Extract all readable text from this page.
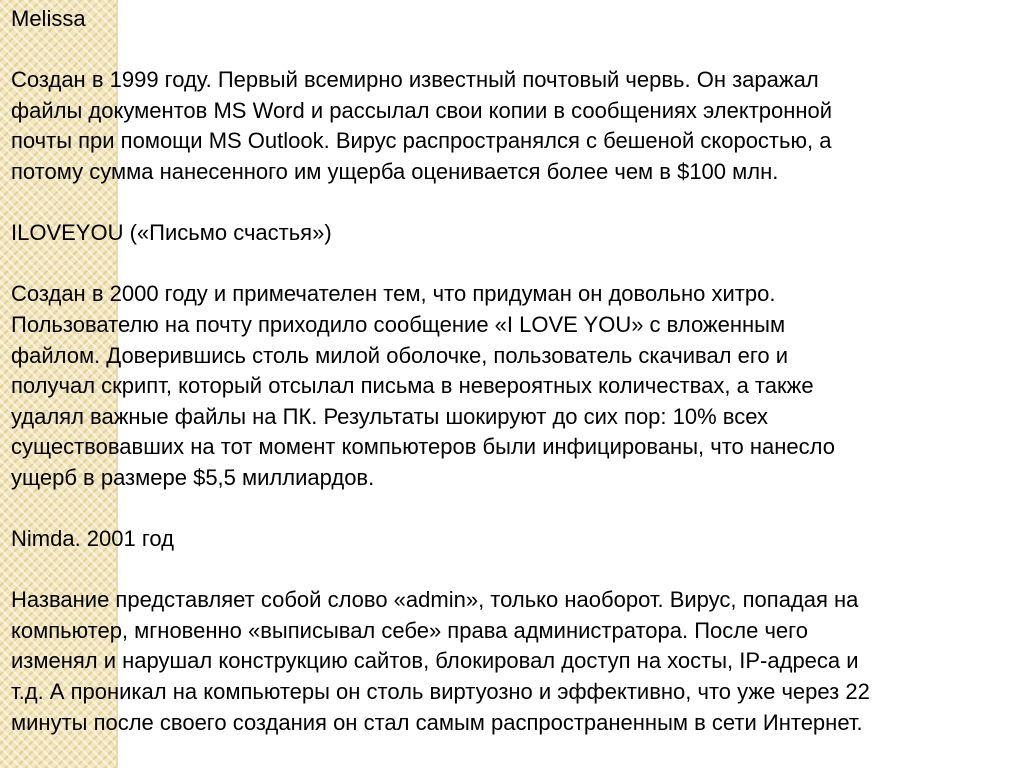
Melissa

Создан в 1999 году. Первый всемирно известный почтовый червь. Он заражал

файлы документов MS Word и рассылал свои копии в сообщениях электронной

почты при помощи MS Outlook. Вирус распространялся с бешеной скоростью, а

потому сумма нанесенного им ущерба оценивается более чем в $100 млн.

ILOVEYOU («Письмо счастья»)

Создан в 2000 году и примечателен тем, что придуман он довольно хитро.

Пользователю на почту приходило сообщение «I LOVE YOU» с вложенным

файлом. Доверившись столь милой оболочке, пользователь скачивал его и

получал скрипт, который отсылал письма в невероятных количествах, а также

удалял важные файлы на ПК. Результаты шокируют до сих пор: 10% всех

существовавших на тот момент компьютеров были инфицированы, что нанесло

ущерб в размере $5,5 миллиардов.

Nimda. 2001 год

Название представляет собой слово «admin», только наоборот. Вирус, попадая на

компьютер, мгновенно «выписывал себе» права администратора. После чего

изменял и нарушал конструкцию сайтов, блокировал доступ на хосты, IP-адреса и

т.д. А проникал на компьютеры он столь виртуозно и эффективно, что уже через 22

минуты после своего создания он стал самым распространенным в сети Интернет.
